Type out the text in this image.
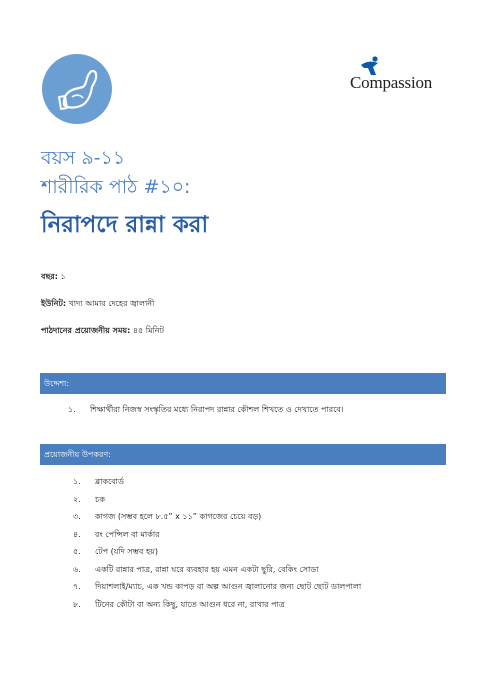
Compassion
বয়স ৯-১১
শারীরিক পাঠ #১০:
নিরাপদে রান্না করা
বছর: ১
ইউনিট: খাদ্য আমার দেহের জ্বালানী
পাঠদানের প্রয়োজনীয় সময়: ৪৫ মিনিট
উদ্দেশ্য:
১. শিক্ষার্থীরা নিজস্ব সংস্কৃতির মধ্যে নিরাপদ রান্নার কৌশল শিখতে ও দেখাতে পারবে।
প্রয়োজনীয় উপকরণ:
১. ব্লাকবোর্ড
২. চক
৩. কাগজ (সম্ভব হলে ৮.৫” x ১১” কাগজের চেয়ে বড়)
৪. রং পেন্সিল বা মার্কার
৫. টেপ (যদি সম্ভব হয়)
৬. একটি রান্নার পাত্র, রান্না ঘরে ব্যবহার হয় এমন একটা ছুরি, বেকিং সোডা
৭. দিয়াশলাই/ম্যাচ, এক খন্ড কাপড় বা অল্প আগুন জ্বালানোর জন্য ছোট ছোট ডালপালা
৮. টিনের কৌটা বা অন্য কিছু, যাতে আগুন ধরে না, রাখার পাত্র
